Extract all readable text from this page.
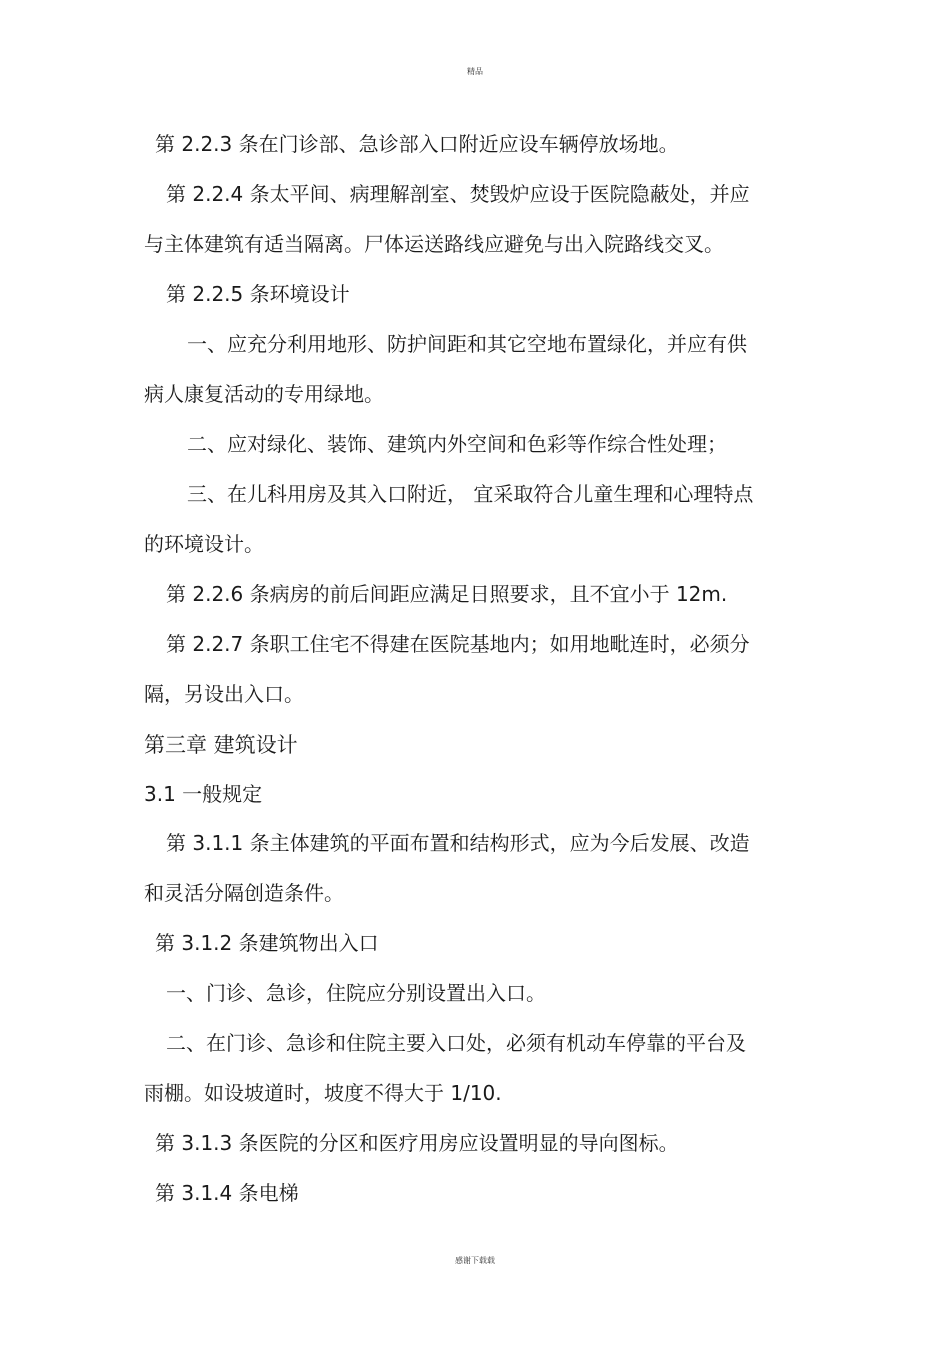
精品
第 2.2.3 条在门诊部、急诊部入口附近应设车辆停放场地。
第 2.2.4 条太平间、病理解剖室、焚毁炉应设于医院隐蔽处，并应
与主体建筑有适当隔离。尸体运送路线应避免与出入院路线交叉。
第 2.2.5 条环境设计
一、应充分利用地形、防护间距和其它空地布置绿化，并应有供
病人康复活动的专用绿地。
二、应对绿化、装饰、建筑内外空间和色彩等作综合性处理；
三、在儿科用房及其入口附近， 宜采取符合儿童生理和心理特点
的环境设计。
第 2.2.6 条病房的前后间距应满足日照要求，且不宜小于 12m.
第 2.2.7 条职工住宅不得建在医院基地内；如用地毗连时，必须分
隔，另设出入口。
第三章 建筑设计
3.1 一般规定
第 3.1.1 条主体建筑的平面布置和结构形式，应为今后发展、改造
和灵活分隔创造条件。
第 3.1.2 条建筑物出入口
一、门诊、急诊，住院应分别设置出入口。
二、在门诊、急诊和住院主要入口处，必须有机动车停靠的平台及
雨棚。如设坡道时，坡度不得大于 1/10.
第 3.1.3 条医院的分区和医疗用房应设置明显的导向图标。
第 3.1.4 条电梯
感谢下载载
